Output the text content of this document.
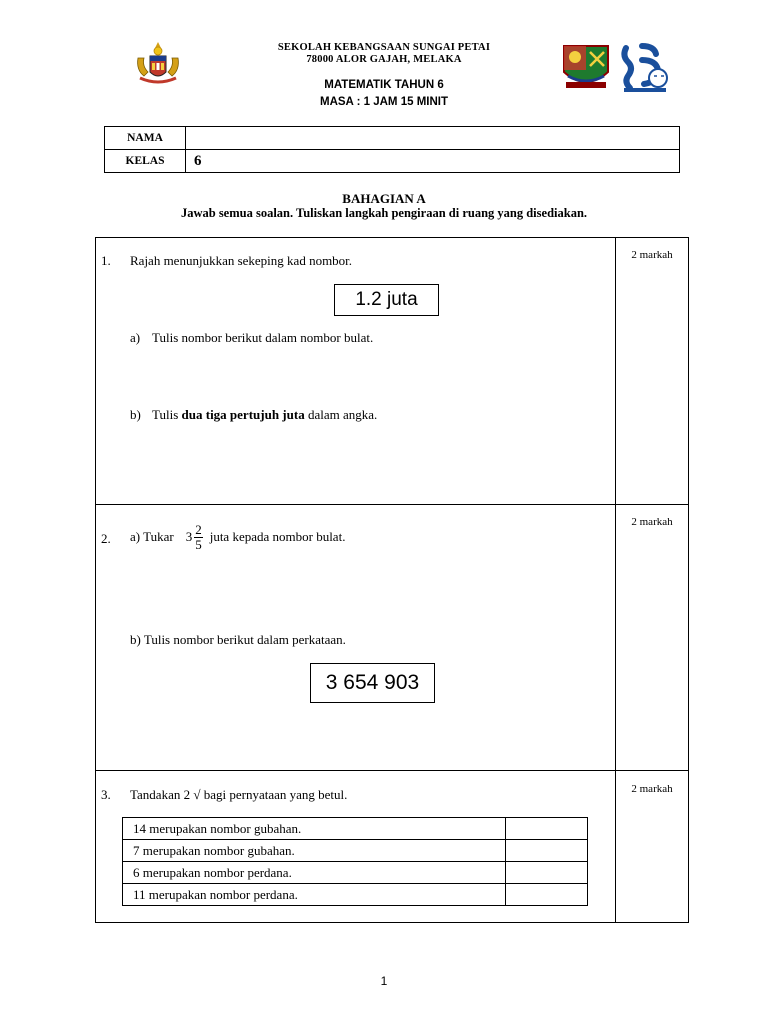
SEKOLAH KEBANGSAAN SUNGAI PETAI
78000 ALOR GAJAH, MELAKA
MATEMATIK TAHUN 6
MASA : 1 JAM 15 MINIT
NAMA	
KELAS	6
BAHAGIAN A
Jawab semua soalan. Tuliskan langkah pengiraan di ruang yang disediakan.
1. Rajah menunjukkan sekeping kad nombor.	2 markah
1.2 juta
a) Tulis nombor berikut dalam nombor bulat.
b) Tulis dua tiga pertujuh juta dalam angka.
2. a) Tukar $3 \frac{2}{5}$ juta kepada nombor bulat.
2 markah
b) Tulis nombor berikut dalam perkataan.
3 654 903
3. Tandakan 2 √ bagi pernyataan yang betul.	2 markah
14 merupakan nombor gubahan.	
7 merupakan nombor gubahan.	
6 merupakan nombor perdana.	
11 merupakan nombor perdana.	
1
